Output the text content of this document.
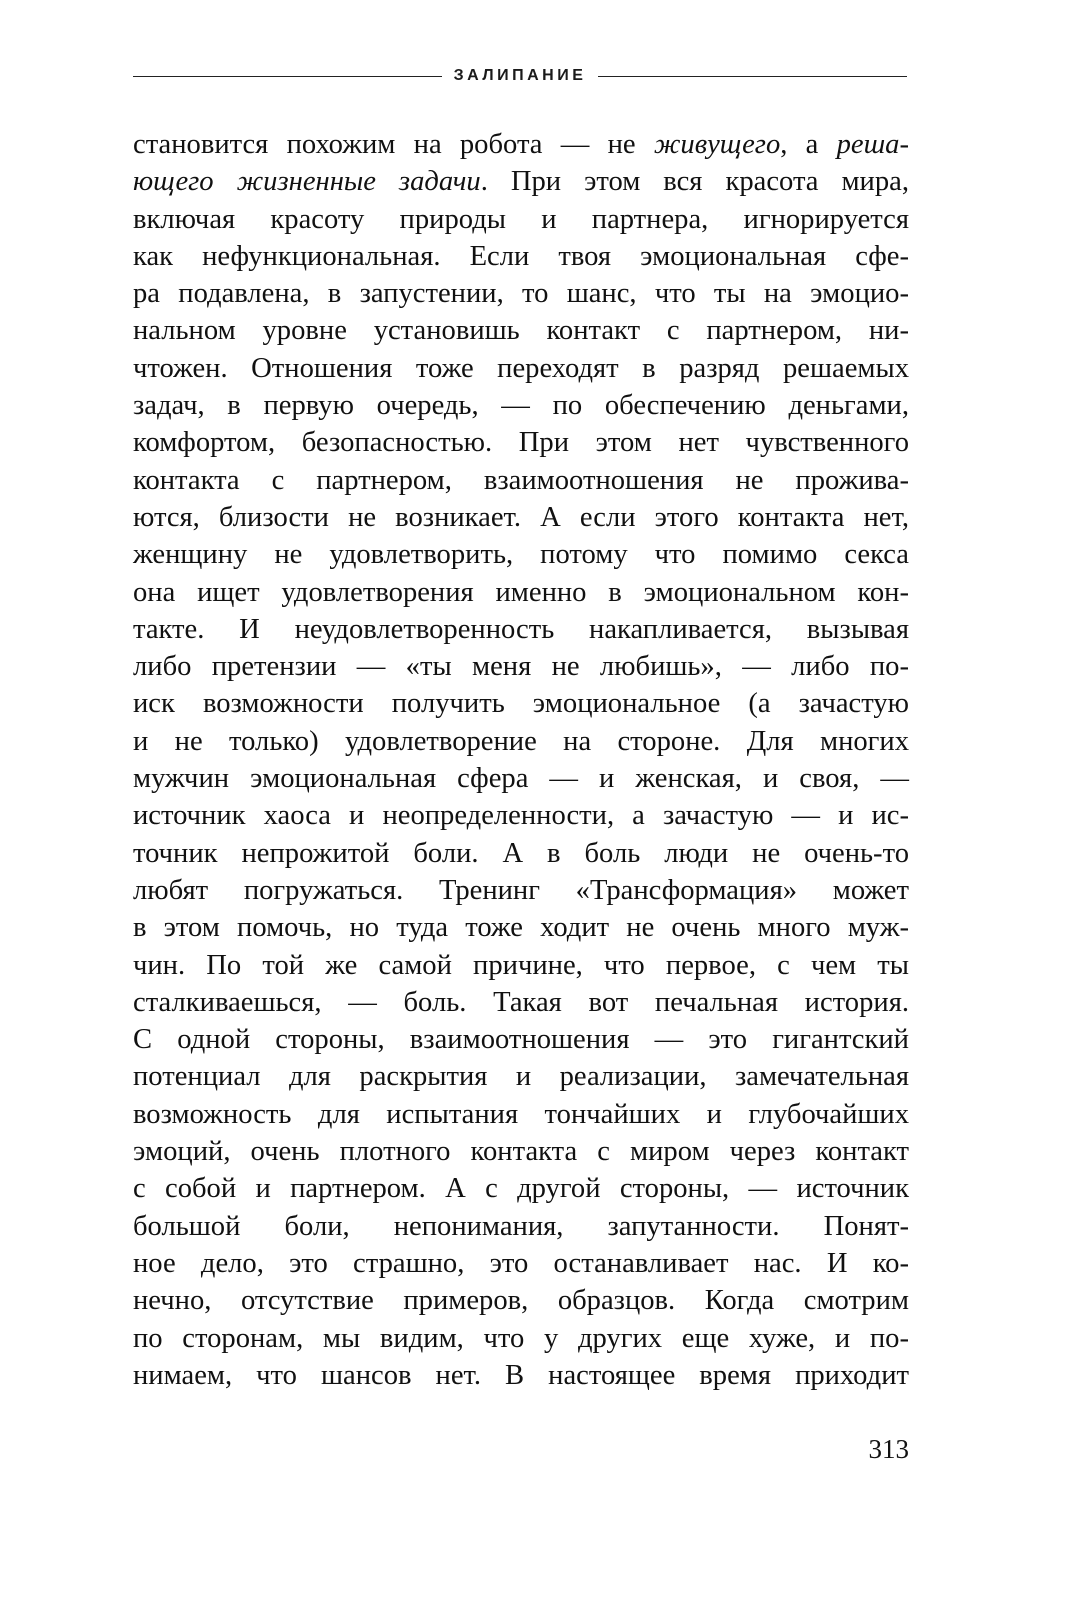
ЗАЛИПАНИЕ
становится похожим на робота — не живущего, а реша-
ющего жизненные задачи. При этом вся красота мира,
включая красоту природы и партнера, игнорируется
как нефункциональная. Если твоя эмоциональная сфе-
ра подавлена, в запустении, то шанс, что ты на эмоцио-
нальном уровне установишь контакт с партнером, ни-
чтожен. Отношения тоже переходят в разряд решаемых
задач, в первую очередь, — по обеспечению деньгами,
комфортом, безопасностью. При этом нет чувственного
контакта с партнером, взаимоотношения не прожива-
ются, близости не возникает. А если этого контакта нет,
женщину не удовлетворить, потому что помимо секса
она ищет удовлетворения именно в эмоциональном кон-
такте. И неудовлетворенность накапливается, вызывая
либо претензии — «ты меня не любишь», — либо по-
иск возможности получить эмоциональное (а зачастую
и не только) удовлетворение на стороне. Для многих
мужчин эмоциональная сфера — и женская, и своя, —
источник хаоса и неопределенности, а зачастую — и ис-
точник непрожитой боли. А в боль люди не очень-то
любят погружаться. Тренинг «Трансформация» может
в этом помочь, но туда тоже ходит не очень много муж-
чин. По той же самой причине, что первое, с чем ты
сталкиваешься, — боль. Такая вот печальная история.
С одной стороны, взаимоотношения — это гигантский
потенциал для раскрытия и реализации, замечательная
возможность для испытания тончайших и глубочайших
эмоций, очень плотного контакта с миром через контакт
с собой и партнером. А с другой стороны, — источник
большой боли, непонимания, запутанности. Понят-
ное дело, это страшно, это останавливает нас. И ко-
нечно, отсутствие примеров, образцов. Когда смотрим
по сторонам, мы видим, что у других еще хуже, и по-
нимаем, что шансов нет. В настоящее время приходит
313
